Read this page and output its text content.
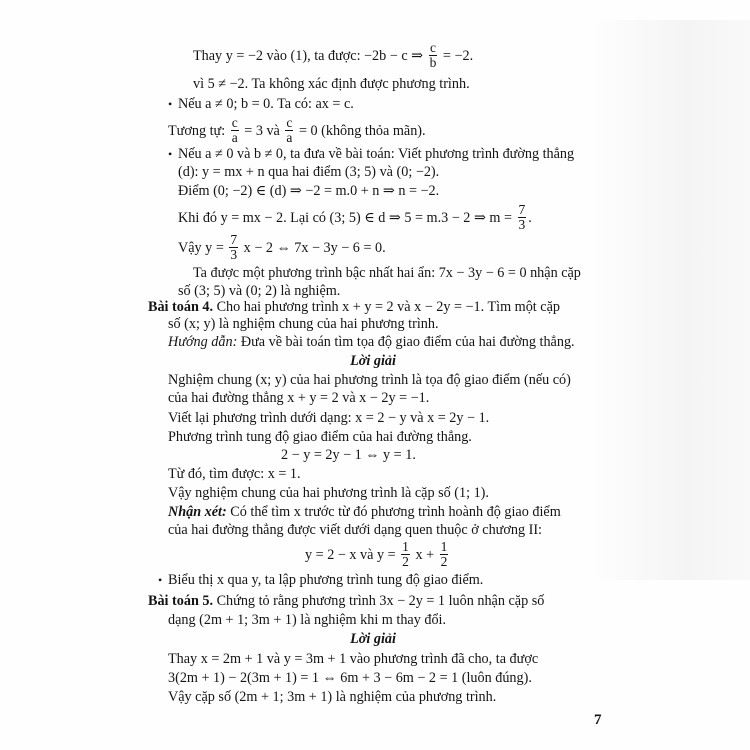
Thay y = −2 vào (1), ta được: −2b − c ⇒ $\frac{c}{b} = -2$.
vì 5 ≠ −2. Ta không xác định được phương trình.
• Nếu a ≠ 0; b = 0. Ta có: ax = c.
Tương tự: $\frac{c}{a} = 3$ và $\frac{c}{a} = 0$ (không thỏa mãn).
• Nếu a ≠ 0 và b ≠ 0, ta đưa về bài toán: Viết phương trình đường thẳng
(d): y = mx + n qua hai điểm (3; 5) và (0; −2).
Điểm (0; −2) ∈ (d) ⇒ −2 = m.0 + n ⇒ n = −2.
Khi đó y = mx − 2. Lại có (3; 5) ∈ d ⇒ 5 = m.3 − 2 ⇒ $m = \frac{7}{3}$ .
Vậy $y = \frac{7}{3}$ x − 2 ⇔ 7x − 3y − 6 = 0.
Ta được một phương trình bậc nhất hai ẩn: 7x − 3y − 6 = 0 nhận cặp
số (3; 5) và (0; 2) là nghiệm.
Bài toán 4. Cho hai phương trình x + y = 2 và x − 2y = −1. Tìm một cặp
số (x; y) là nghiệm chung của hai phương trình.
Hướng dẫn: Đưa về bài toán tìm tọa độ giao điểm của hai đường thẳng.
Lời giải
Nghiệm chung (x; y) của hai phương trình là tọa độ giao điểm (nếu có)
của hai đường thẳng x + y = 2 và x − 2y = −1.
Viết lại phương trình dưới dạng: x = 2 − y và x = 2y − 1.
Phương trình tung độ giao điểm của hai đường thẳng.
2 − y = 2y − 1 ⇔ y = 1.
Từ đó, tìm được: x = 1.
Vậy nghiệm chung của hai phương trình là cặp số (1; 1).
Nhận xét: Có thể tìm x trước từ đó phương trình hoành độ giao điểm
của hai đường thẳng được viết dưới dạng quen thuộc ở chương II:
y = 2 − x và $y = \frac{1}{2}$ $x + \frac{1}{2}$
• Biểu thị x qua y, ta lập phương trình tung độ giao điểm.
Bài toán 5. Chứng tỏ rằng phương trình 3x − 2y = 1 luôn nhận cặp số
dạng (2m + 1; 3m + 1) là nghiệm khi m thay đổi.
Lời giải
Thay x = 2m + 1 và y = 3m + 1 vào phương trình đã cho, ta được
3(2m + 1) − 2(3m + 1) = 1 ⇔ 6m + 3 − 6m − 2 = 1 (luôn đúng).
Vậy cặp số (2m + 1; 3m + 1) là nghiệm của phương trình.
7
